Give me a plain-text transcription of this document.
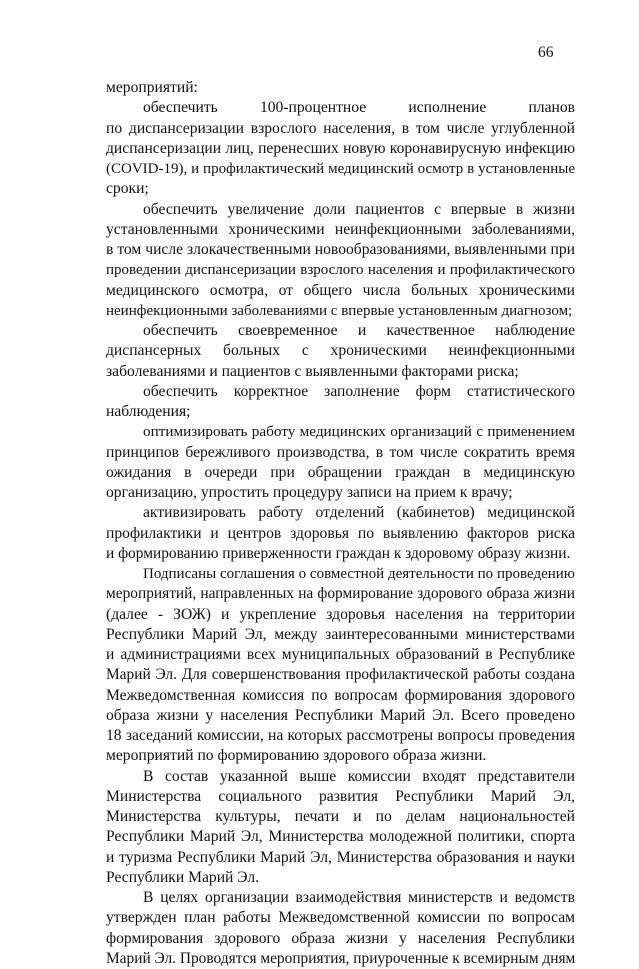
66
мероприятий:
обеспечить 100-процентное исполнение планов
по диспансеризации взрослого населения, в том числе углубленной
диспансеризации лиц, перенесших новую коронавирусную инфекцию
(COVID-19), и профилактический медицинский осмотр в установленные
сроки;
обеспечить увеличение доли пациентов с впервые в жизни
установленными хроническими неинфекционными заболеваниями,
в том числе злокачественными новообразованиями, выявленными при
проведении диспансеризации взрослого населения и профилактического
медицинского осмотра, от общего числа больных хроническими
неинфекционными заболеваниями с впервые установленным диагнозом;
обеспечить своевременное и качественное наблюдение
диспансерных больных с хроническими неинфекционными
заболеваниями и пациентов с выявленными факторами риска;
обеспечить корректное заполнение форм статистического
наблюдения;
оптимизировать работу медицинских организаций с применением
принципов бережливого производства, в том числе сократить время
ожидания в очереди при обращении граждан в медицинскую
организацию, упростить процедуру записи на прием к врачу;
активизировать работу отделений (кабинетов) медицинской
профилактики и центров здоровья по выявлению факторов риска
и формированию приверженности граждан к здоровому образу жизни.
Подписаны соглашения о совместной деятельности по проведению
мероприятий, направленных на формирование здорового образа жизни
(далее - ЗОЖ) и укрепление здоровья населения на территории
Республики Марий Эл, между заинтересованными министерствами
и администрациями всех муниципальных образований в Республике
Марий Эл. Для совершенствования профилактической работы создана
Межведомственная комиссия по вопросам формирования здорового
образа жизни у населения Республики Марий Эл. Всего проведено
18 заседаний комиссии, на которых рассмотрены вопросы проведения
мероприятий по формированию здорового образа жизни.
В состав указанной выше комиссии входят представители
Министерства социального развития Республики Марий Эл,
Министерства культуры, печати и по делам национальностей
Республики Марий Эл, Министерства молодежной политики, спорта
и туризма Республики Марий Эл, Министерства образования и науки
Республики Марий Эл.
В целях организации взаимодействия министерств и ведомств
утвержден план работы Межведомственной комиссии по вопросам
формирования здорового образа жизни у населения Республики
Марий Эл. Проводятся мероприятия, приуроченные к всемирным дням
